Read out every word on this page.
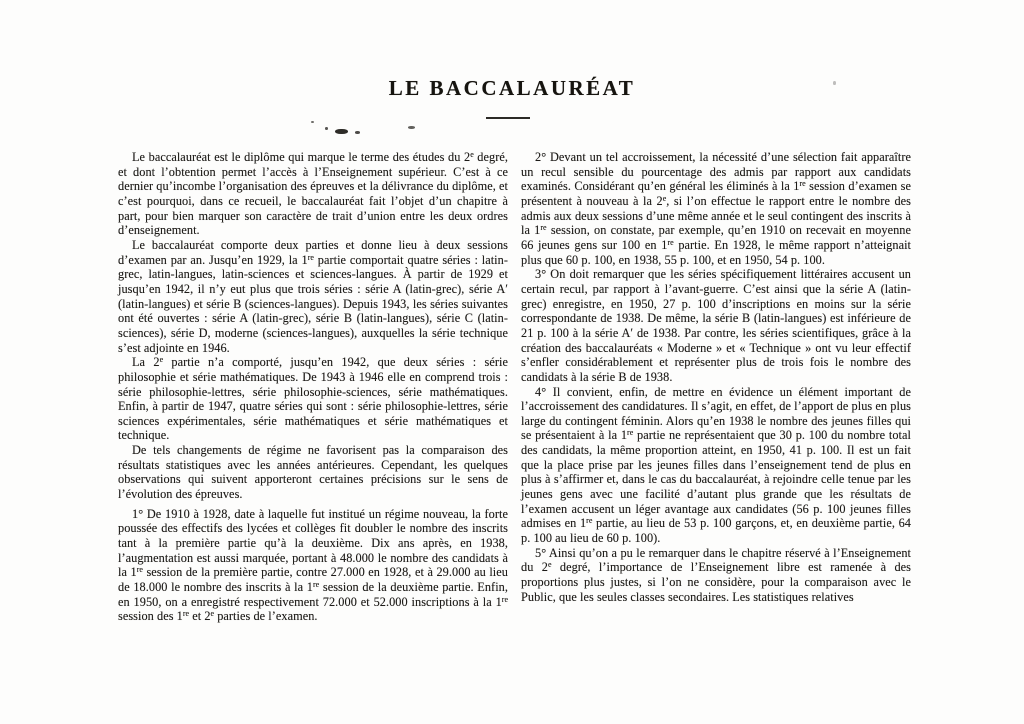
LE BACCALAURÉAT

Le baccalauréat est le diplôme qui marque le terme des études du 2e degré, et dont l’obtention permet l’accès à l’Enseignement supérieur. C’est à ce dernier qu’incombe l’organisation des épreuves et la délivrance du diplôme, et c’est pourquoi, dans ce recueil, le baccalauréat fait l’objet d’un chapitre à part, pour bien marquer son caractère de trait d’union entre les deux ordres d’enseignement.

Le baccalauréat comporte deux parties et donne lieu à deux sessions d’examen par an. Jusqu’en 1929, la 1re partie comportait quatre séries : latin-grec, latin-langues, latin-sciences et sciences-langues. À partir de 1929 et jusqu’en 1942, il n’y eut plus que trois séries : série A (latin-grec), série A′ (latin-langues) et série B (sciences-langues). Depuis 1943, les séries suivantes ont été ouvertes : série A (latin-grec), série B (latin-langues), série C (latin-sciences), série D, moderne (sciences-langues), auxquelles la série technique s’est adjointe en 1946.

La 2e partie n’a comporté, jusqu’en 1942, que deux séries : série philosophie et série mathématiques. De 1943 à 1946 elle en comprend trois : série philosophie-lettres, série philosophie-sciences, série mathématiques. Enfin, à partir de 1947, quatre séries qui sont : série philosophie-lettres, série sciences expérimentales, série mathématiques et série mathématiques et technique.

De tels changements de régime ne favorisent pas la comparaison des résultats statistiques avec les années antérieures. Cependant, les quelques observations qui suivent apporteront certaines précisions sur le sens de l’évolution des épreuves.

1° De 1910 à 1928, date à laquelle fut institué un régime nouveau, la forte poussée des effectifs des lycées et collèges fit doubler le nombre des inscrits tant à la première partie qu’à la deuxième. Dix ans après, en 1938, l’augmentation est aussi marquée, portant à 48.000 le nombre des candidats à la 1re session de la première partie, contre 27.000 en 1928, et à 29.000 au lieu de 18.000 le nombre des inscrits à la 1re session de la deuxième partie. Enfin, en 1950, on a enregistré respectivement 72.000 et 52.000 inscriptions à la 1re session des 1re et 2e parties de l’examen.

2° Devant un tel accroissement, la nécessité d’une sélection fait apparaître un recul sensible du pourcentage des admis par rapport aux candidats examinés. Considérant qu’en général les éliminés à la 1re session d’examen se présentent à nouveau à la 2e, si l’on effectue le rapport entre le nombre des admis aux deux sessions d’une même année et le seul contingent des inscrits à la 1re session, on constate, par exemple, qu’en 1910 on recevait en moyenne 66 jeunes gens sur 100 en 1re partie. En 1928, le même rapport n’atteignait plus que 60 p. 100, en 1938, 55 p. 100, et en 1950, 54 p. 100.

3° On doit remarquer que les séries spécifiquement littéraires accusent un certain recul, par rapport à l’avant-guerre. C’est ainsi que la série A (latin-grec) enregistre, en 1950, 27 p. 100 d’inscriptions en moins sur la série correspondante de 1938. De même, la série B (latin-langues) est inférieure de 21 p. 100 à la série A′ de 1938. Par contre, les séries scientifiques, grâce à la création des baccalauréats « Moderne » et « Technique » ont vu leur effectif s’enfler considérablement et représenter plus de trois fois le nombre des candidats à la série B de 1938.

4° Il convient, enfin, de mettre en évidence un élément important de l’accroissement des candidatures. Il s’agit, en effet, de l’apport de plus en plus large du contingent féminin. Alors qu’en 1938 le nombre des jeunes filles qui se présentaient à la 1re partie ne représentaient que 30 p. 100 du nombre total des candidats, la même proportion atteint, en 1950, 41 p. 100. Il est un fait que la place prise par les jeunes filles dans l’enseignement tend de plus en plus à s’affirmer et, dans le cas du baccalauréat, à rejoindre celle tenue par les jeunes gens avec une facilité d’autant plus grande que les résultats de l’examen accusent un léger avantage aux candidates (56 p. 100 jeunes filles admises en 1re partie, au lieu de 53 p. 100 garçons, et, en deuxième partie, 64 p. 100 au lieu de 60 p. 100).

5° Ainsi qu’on a pu le remarquer dans le chapitre réservé à l’Enseignement du 2e degré, l’importance de l’Enseignement libre est ramenée à des proportions plus justes, si l’on ne considère, pour la comparaison avec le Public, que les seules classes secondaires. Les statistiques relatives
